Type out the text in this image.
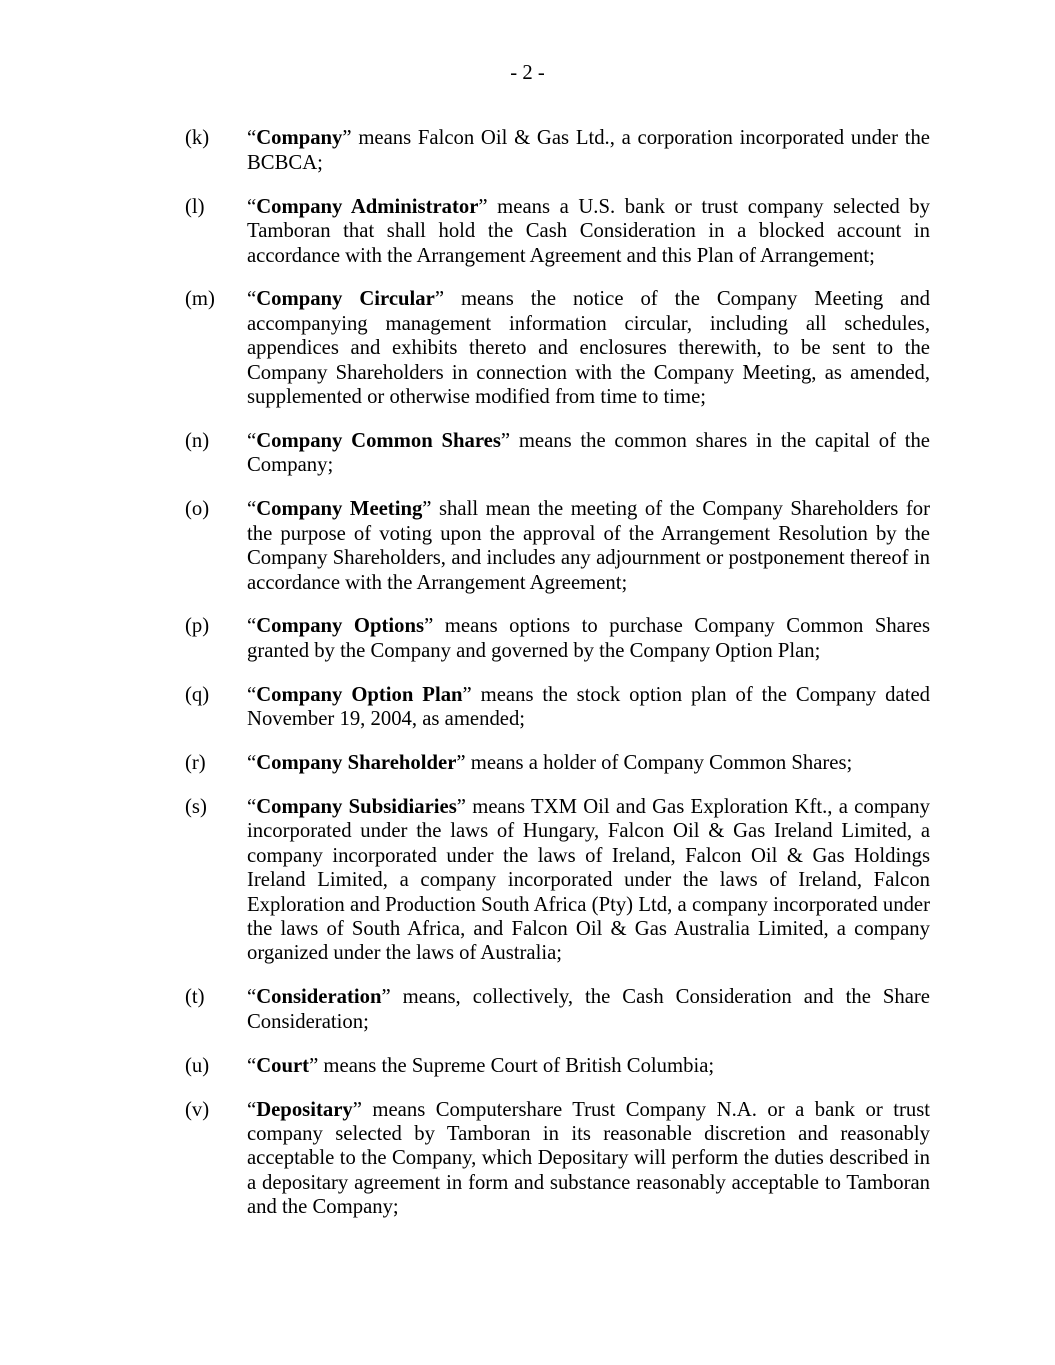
- 2 -
(k)	“Company” means Falcon Oil & Gas Ltd., a corporation incorporated under the BCBCA;

(l)	“Company Administrator” means a U.S. bank or trust company selected by Tamboran that shall hold the Cash Consideration in a blocked account in accordance with the Arrangement Agreement and this Plan of Arrangement;

(m)	“Company Circular” means the notice of the Company Meeting and accompanying management information circular, including all schedules, appendices and exhibits thereto and enclosures therewith, to be sent to the Company Shareholders in connection with the Company Meeting, as amended, supplemented or otherwise modified from time to time;

(n)	“Company Common Shares” means the common shares in the capital of the Company;

(o)	“Company Meeting” shall mean the meeting of the Company Shareholders for the purpose of voting upon the approval of the Arrangement Resolution by the Company Shareholders, and includes any adjournment or postponement thereof in accordance with the Arrangement Agreement;

(p)	“Company Options” means options to purchase Company Common Shares granted by the Company and governed by the Company Option Plan;

(q)	“Company Option Plan” means the stock option plan of the Company dated November 19, 2004, as amended;

(r)	“Company Shareholder” means a holder of Company Common Shares;

(s)	“Company Subsidiaries” means TXM Oil and Gas Exploration Kft., a company incorporated under the laws of Hungary, Falcon Oil & Gas Ireland Limited, a company incorporated under the laws of Ireland, Falcon Oil & Gas Holdings Ireland Limited, a company incorporated under the laws of Ireland, Falcon Exploration and Production South Africa (Pty) Ltd, a company incorporated under the laws of South Africa, and Falcon Oil & Gas Australia Limited, a company organized under the laws of Australia;

(t)	“Consideration” means, collectively, the Cash Consideration and the Share Consideration;

(u)	“Court” means the Supreme Court of British Columbia;

(v)	“Depositary” means Computershare Trust Company N.A. or a bank or trust company selected by Tamboran in its reasonable discretion and reasonably acceptable to the Company, which Depositary will perform the duties described in a depositary agreement in form and substance reasonably acceptable to Tamboran and the Company;
